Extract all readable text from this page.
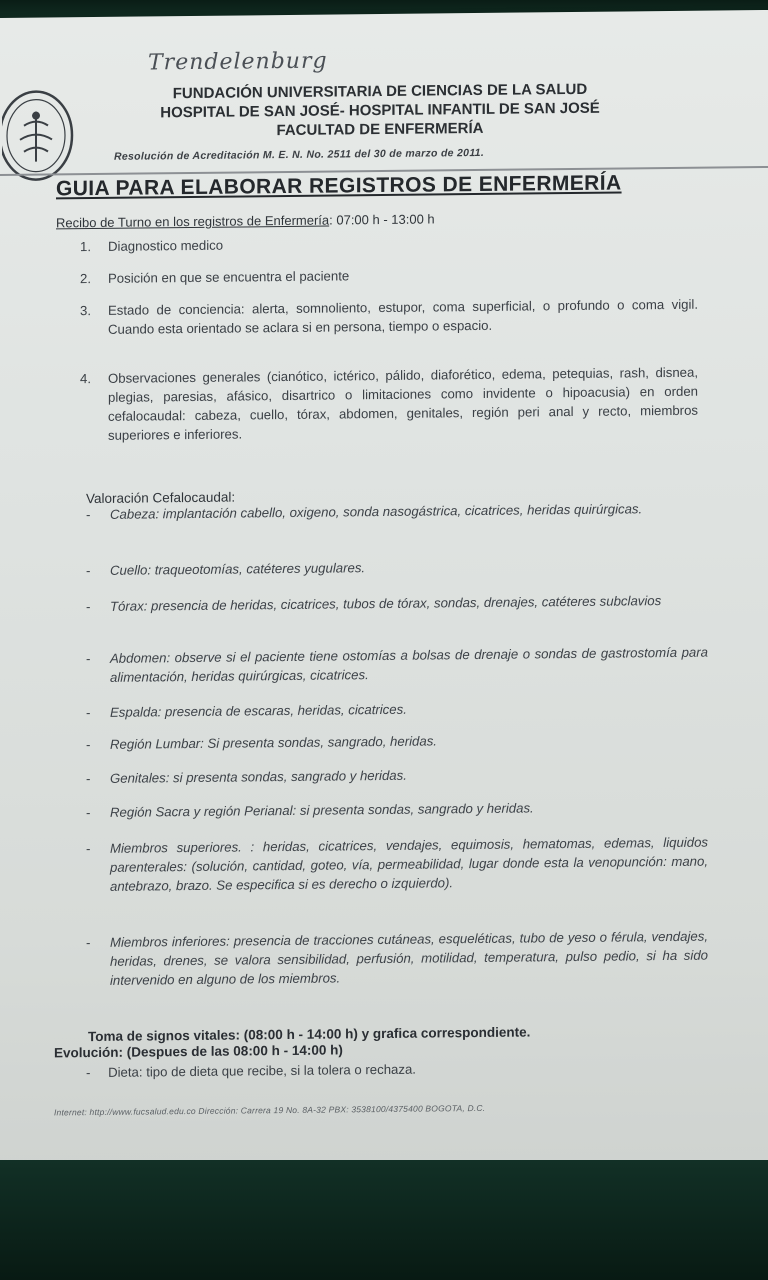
Trendelenburg
FUNDACIÓN UNIVERSITARIA DE CIENCIAS DE LA SALUD
HOSPITAL DE SAN JOSÉ- HOSPITAL INFANTIL DE SAN JOSÉ
FACULTAD DE ENFERMERÍA
Resolución de Acreditación M. E. N. No. 2511 del 30 de marzo de 2011.
GUIA PARA ELABORAR REGISTROS DE ENFERMERÍA
Recibo de Turno en los registros de Enfermería: 07:00 h - 13:00 h
1. Diagnostico medico
2. Posición en que se encuentra el paciente
3. Estado de conciencia: alerta, somnoliento, estupor, coma superficial, o profundo o coma vigil. Cuando esta orientado se aclara si en persona, tiempo o espacio.
4. Observaciones generales (cianótico, ictérico, pálido, diaforético, edema, petequias, rash, disnea, plegias, paresias, afásico, disartrico o limitaciones como invidente o hipoacusia) en orden cefalocaudal: cabeza, cuello, tórax, abdomen, genitales, región peri anal y recto, miembros superiores e inferiores.
Valoración Cefalocaudal:
- Cabeza: implantación cabello, oxigeno, sonda nasogástrica, cicatrices, heridas quirúrgicas.
- Cuello: traqueotomías, catéteres yugulares.
- Tórax: presencia de heridas, cicatrices, tubos de tórax, sondas, drenajes, catéteres subclavios
- Abdomen: observe si el paciente tiene ostomías a bolsas de drenaje o sondas de gastrostomía para alimentación, heridas quirúrgicas, cicatrices.
- Espalda: presencia de escaras, heridas, cicatrices.
- Región Lumbar: Si presenta sondas, sangrado, heridas.
- Genitales: si presenta sondas, sangrado y heridas.
- Región Sacra y región Perianal: si presenta sondas, sangrado y heridas.
- Miembros superiores. : heridas, cicatrices, vendajes, equimosis, hematomas, edemas, liquidos parenterales: (solución, cantidad, goteo, vía, permeabilidad, lugar donde esta la venopunción: mano, antebrazo, brazo. Se especifica si es derecho o izquierdo).
- Miembros inferiores: presencia de tracciones cutáneas, esqueléticas, tubo de yeso o férula, vendajes, heridas, drenes, se valora sensibilidad, perfusión, motilidad, temperatura, pulso pedio, si ha sido intervenido en alguno de los miembros.
Toma de signos vitales: (08:00 h - 14:00 h) y grafica correspondiente.
Evolución: (Despues de las 08:00 h - 14:00 h)
- Dieta: tipo de dieta que recibe, si la tolera o rechaza.
Internet: http://www.fucsalud.edu.co Dirección: Carrera 19 No. 8A-32 PBX: 3538100/4375400 BOGOTA, D.C.
